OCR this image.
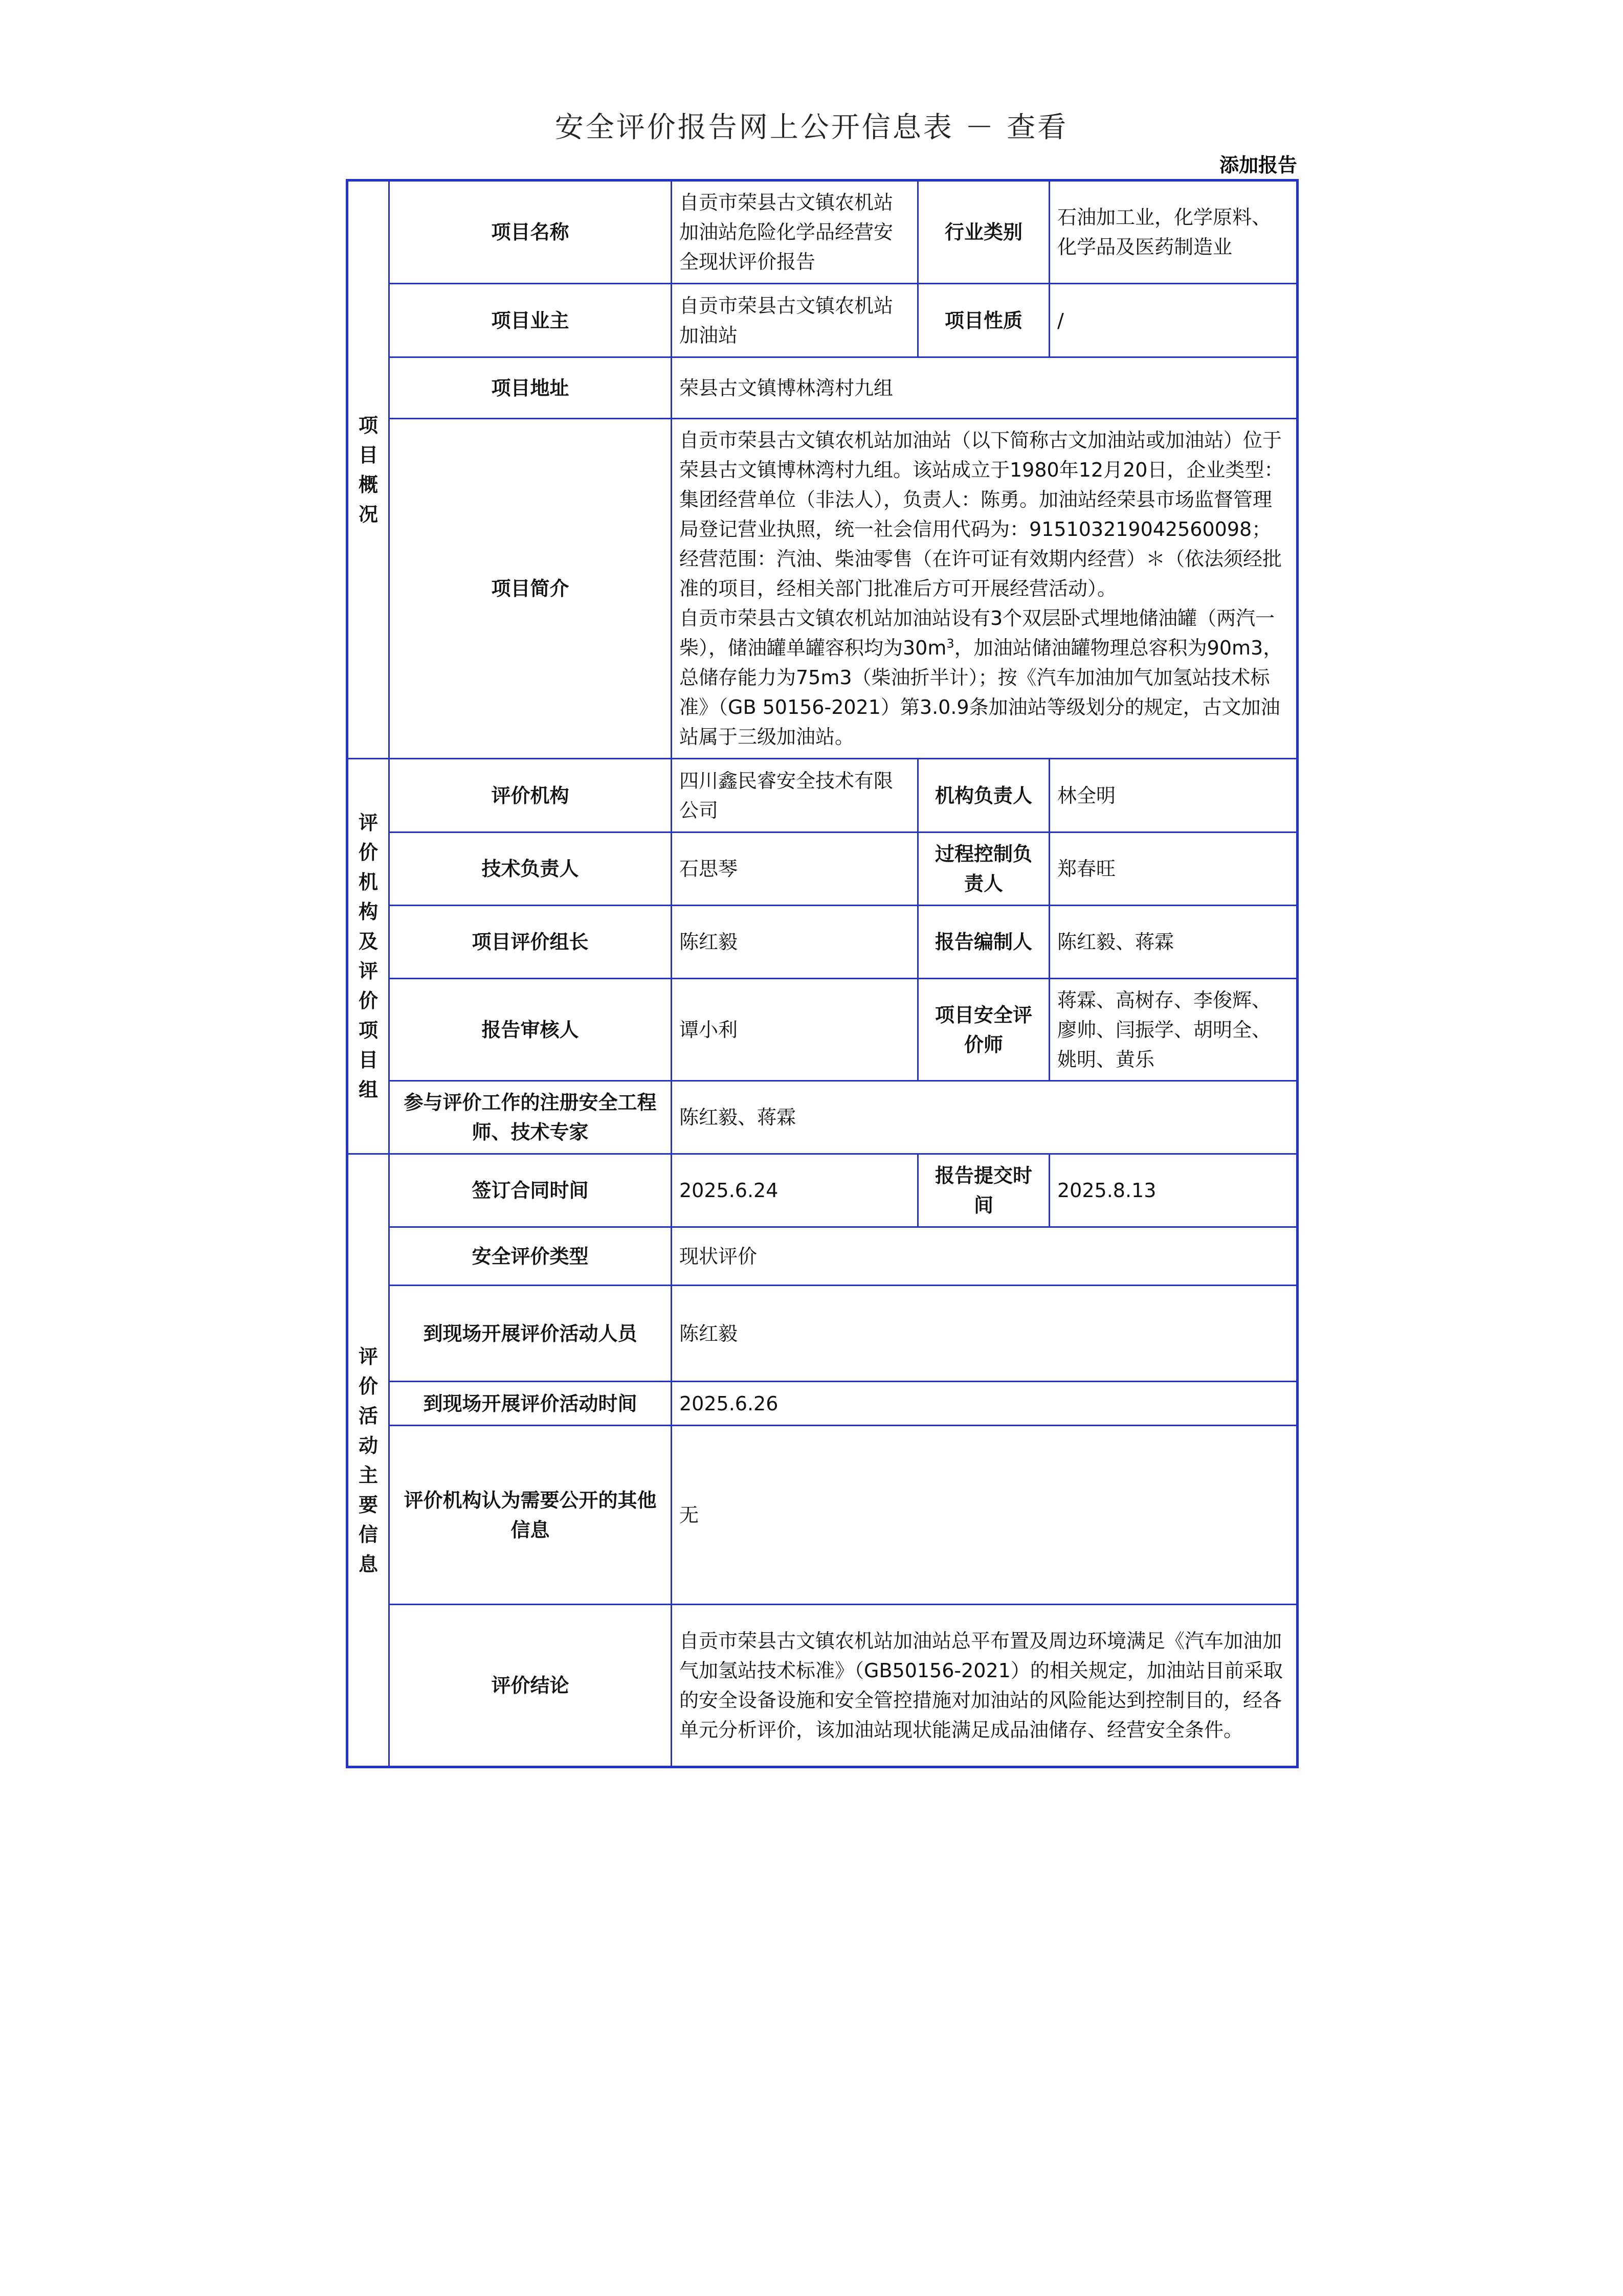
安全评价报告网上公开信息表 － 查看
添加报告
项目概况	项目名称	自贡市荣县古文镇农机站加油站危险化学品经营安全现状评价报告	行业类别	石油加工业，化学原料、化学品及医药制造业
	项目业主	自贡市荣县古文镇农机站加油站	项目性质	/
	项目地址	荣县古文镇博林湾村九组		
	项目简介	自贡市荣县古文镇农机站加油站（以下简称古文加油站或加油站）位于荣县古文镇博林湾村九组。该站成立于1980年12月20日，企业类型：集团经营单位（非法人），负责人：陈勇。加油站经荣县市场监督管理局登记营业执照，统一社会信用代码为：915103219042560098；经营范围：汽油、柴油零售（在许可证有效期内经营）＊（依法须经批准的项目，经相关部门批准后方可开展经营活动）。
自贡市荣县古文镇农机站加油站设有3个双层卧式埋地储油罐（两汽一柴），储油罐单罐容积均为$30m^3$，加油站储油罐物理总容积为90m3，总储存能力为75m3（柴油折半计）；按《汽车加油加气加氢站技术标准》（GB 50156-2021）第3.0.9条加油站等级划分的规定，古文加油站属于三级加油站。		

评价机构及评价项目组	评价机构	四川鑫民睿安全技术有限公司	机构负责人	林全明
	技术负责人	石思琴	过程控制负责人	郑春旺
	项目评价组长	陈红毅	报告编制人	陈红毅、蒋霖
	报告审核人	谭小利	项目安全评价师	蒋霖、高树存、李俊辉、廖帅、闫振学、胡明全、姚明、黄乐
	参与评价工作的注册安全工程师、技术专家	陈红毅、蒋霖		
评价活动主要信息	签订合同时间	2025.6.24	报告提交时间	2025.8.13
	安全评价类型	现状评价		
	到现场开展评价活动人员	陈红毅		
	到现场开展评价活动时间	2025.6.26		
	评价机构认为需要公开的其他信息	无		
	评价结论	自贡市荣县古文镇农机站加油站总平布置及周边环境满足《汽车加油加气加氢站技术标准》（GB50156-2021）的相关规定，加油站目前采取的安全设备设施和安全管控措施对加油站的风险能达到控制目的，经各单元分析评价，该加油站现状能满足成品油储存、经营安全条件。		
